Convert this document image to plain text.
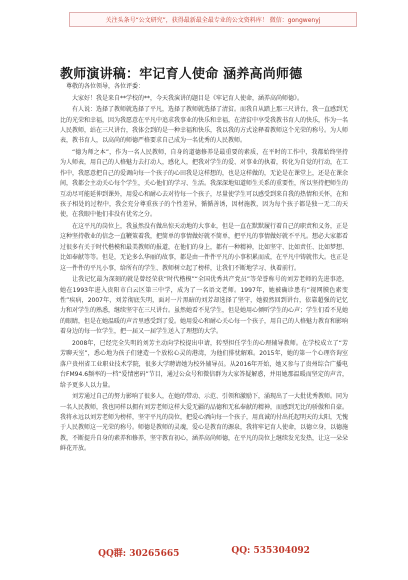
关注头条号“公文研究”，获得最新最全最专业的公文资料库！ 微信：gongwenyj
教师演讲稿：牢记育人使命 涵养高尚师德

尊敬的各位领导，各位评委：

大家好！我是来自**学校的**，今天我演讲的题目是《牢记育人使命，涵养高尚师德》。

有人说：选择了教师就选择了平凡，选择了教师就选择了清贫。而我自从踏上那三尺讲台，我一直感到无比的光荣和幸福，因为我愿意在平凡中追求我事业的快乐和幸福，在清贫中享受我教书育人的快乐，作为一名人民教师，站在三尺讲台，我体会到的是一种幸福和快乐，我以我的方式诠释着教师这个光荣的称号。为人师表，教书育人，以高尚的师德严格要求自己成为一名优秀的人民教师。

“德为师之本”，作为一名人民教师，自身的道德修养是最重要的素质，在平时的工作中，我都始终坚持为人师表，用自己的人格魅力去打动人，感化人，把我对学生的爱、对事业的执着，转化为自觉的行动，在工作中，我愿意把自己的爱调向每一个孩子的心田我是这样想的，也是这样做的，无论是在课堂上，还是在课余间，我都会主动关心每个学生，关心他们的学习、生活。我深深地知道师生关系的重要性，所以坚持把师生的互动尽可能延伸到课外，用爱心和耐心去对待每一个孩子，尽量使学生可以感受到来自我的热情和关怀，在和孩子相处的过程中，我会充分尊重孩子的个性差异，循循善诱，因材施教，因为每个孩子都是独一无二的天使，在我眼中他们非没有优劣之分。

在这平凡的岗位上，我虽然没有做出惊天动地的大事业，但是一直在默默履行着自己的职责和义务，正是这种坚持敬业的信念一直鞭策着我，把简单的事情做好就不简单，把平凡的事情做好就不平凡。想必大家都看过很多有关于时代楷模和最美教师的报道，在他们的身上，都有一种精神，比如坚守、比如责任、比如梦想、比如奉献等等。但是，无论多么华丽的故事，都是由一件件平凡的小事积累而成，在平凡中铸就伟大。也正是这一件件的平凡小事，给所有的学生、教师树立起了榜样，让我们不断地学习、执着前行。

让我记忆最为深刻的就是曾经荣获“时代楷模”“全国优秀共产党员”等荣誉称号的刘芳老师的先进事迹，她在1993年进入贵阳市白云区第三中学，成为了一名语文老师。1997年，她被确诊患有“视网膜色素变性”疾病，2007年，刘芳彻底失明，面对一片黑暗的刘芳却选择了坚守，她毅然回到讲台，依靠超强的记忆力和对学生的熟悉，继续坚守在三尺讲台。虽然她看不见学生，但是她用心倾听学生的心声；学生们看不见她的眼睛，但是在她温暖的声音里感受到了爱。她用爱心和耐心关心每一个孩子，用自己的人格魅力教育和影响着身边的每一位学生，把一届又一届学生送入了理想的大学。

2008年，已经完全失明的刘芳主动向学校提出申请，转型担任学生的心理辅导教师。在学校成立了“芳芳聊天室”，悉心地为孩子们建造一个放松心灵的港湾，为他们排忧解难。2015年，她的第一个心理咨询室落户贵州省工业职业技术学院，很多大学聘请她为校外辅导员。从2016年开始，她又参与了贵州综合广播电台FM94.6频率的一档“爱情密码”节目，通过公众号和微信群为大家答疑解惑，并用她那温暖而坚定的声音，给予更多人以力量。

刘芳通过自己的努力影响了很多人，在她的带动、示范、引领和激励下，涌现出了一大批优秀教师。同为一名人民教师，我也同样以拥有刘芳老师这样大爱无疆的品德和无私奉献的精神，而感到无比的骄傲和自豪。我将永远以刘芳老师为榜样，坚守平凡的岗位，把爱心洒向每一个孩子，用真诚的付出托起明天的太阳，无愧于人民教师这一光荣的称号。师德是教师的灵魂，爱心是教育的源泉，我将牢记育人使命，以德立身，以德施教，不断提升自身的素养和修养，坚守教育初心，涵养高尚师德，在平凡的岗位上继续发光发热，让这一朵朵鲜花开放。

QQ群: 30265665	QQ: 535304092
